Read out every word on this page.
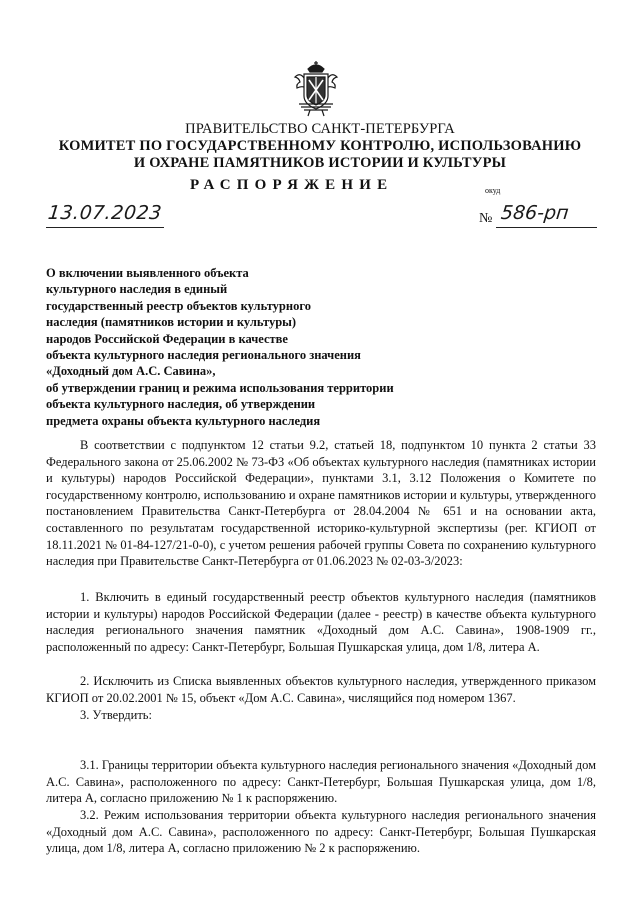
ПРАВИТЕЛЬСТВО САНКТ-ПЕТЕРБУРГА
КОМИТЕТ ПО ГОСУДАРСТВЕННОМУ КОНТРОЛЮ, ИСПОЛЬЗОВАНИЮ
И ОХРАНЕ ПАМЯТНИКОВ ИСТОРИИ И КУЛЬТУРЫ
РАСПОРЯЖЕНИЕ	окуд
13.07.2023	№ 586-рп
О включении выявленного объекта
культурного наследия в единый
государственный реестр объектов культурного
наследия (памятников истории и культуры)
народов Российской Федерации в качестве
объекта культурного наследия регионального значения
«Доходный дом А.С. Савина»,
об утверждении границ и режима использования территории
объекта культурного наследия, об утверждении
предмета охраны объекта культурного наследия

В соответствии с подпунктом 12 статьи 9.2, статьей 18, подпунктом 10 пункта 2 статьи 33 Федерального закона от 25.06.2002 № 73-ФЗ «Об объектах культурного наследия (памятниках истории и культуры) народов Российской Федерации», пунктами 3.1, 3.12 Положения о Комитете по государственному контролю, использованию и охране памятников истории и культуры, утвержденного постановлением Правительства Санкт-Петербурга от 28.04.2004 № 651 и на основании акта, составленного по результатам государственной историко-культурной экспертизы (рег. КГИОП от 18.11.2021 № 01-84-127/21-0-0), с учетом решения рабочей группы Совета по сохранению культурного наследия при Правительстве Санкт-Петербурга от 01.06.2023 № 02-03-3/2023:

1. Включить в единый государственный реестр объектов культурного наследия (памятников истории и культуры) народов Российской Федерации (далее - реестр) в качестве объекта культурного наследия регионального значения памятник «Доходный дом А.С. Савина», 1908-1909 гг., расположенный по адресу: Санкт-Петербург, Большая Пушкарская улица, дом 1/8, литера А.

2. Исключить из Списка выявленных объектов культурного наследия, утвержденного приказом КГИОП от 20.02.2001 № 15, объект «Дом А.С. Савина», числящийся под номером 1367.

3. Утвердить:

3.1. Границы территории объекта культурного наследия регионального значения «Доходный дом А.С. Савина», расположенного по адресу: Санкт-Петербург, Большая Пушкарская улица, дом 1/8, литера А, согласно приложению № 1 к распоряжению.

3.2. Режим использования территории объекта культурного наследия регионального значения «Доходный дом А.С. Савина», расположенного по адресу: Санкт-Петербург, Большая Пушкарская улица, дом 1/8, литера А, согласно приложению № 2 к распоряжению.
